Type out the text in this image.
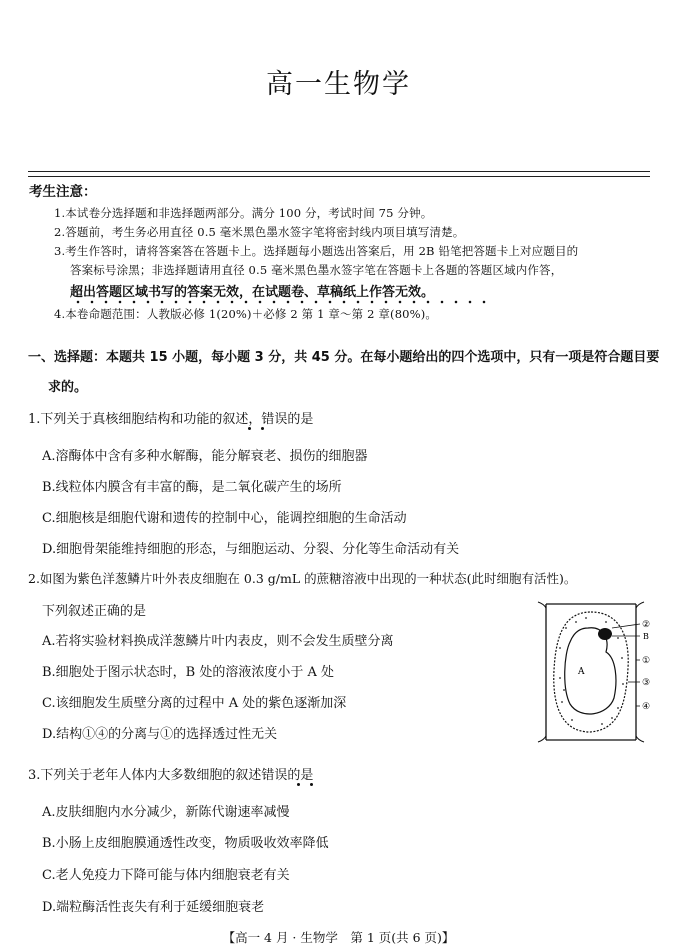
高一生物学
考生注意：
1.本试卷分选择题和非选择题两部分。满分 100 分，考试时间 75 分钟。
2.答题前，考生务必用直径 0.5 毫米黑色墨水签字笔将密封线内项目填写清楚。
3.考生作答时，请将答案答在答题卡上。选择题每小题选出答案后，用 2B 铅笔把答题卡上对应题目的
答案标号涂黑；非选择题请用直径 0.5 毫米黑色墨水签字笔在答题卡上各题的答题区域内作答，
超出答题区域书写的答案无效，在试题卷、草稿纸上作答无效。
4.本卷命题范围：人教版必修 1(20%)＋必修 2 第 1 章～第 2 章(80%)。
一、选择题：本题共 15 小题，每小题 3 分，共 45 分。在每小题给出的四个选项中，只有一项是符合题目要
求的。
1.下列关于真核细胞结构和功能的叙述，错误的是
A.溶酶体中含有多种水解酶，能分解衰老、损伤的细胞器
B.线粒体内膜含有丰富的酶，是二氧化碳产生的场所
C.细胞核是细胞代谢和遗传的控制中心，能调控细胞的生命活动
D.细胞骨架能维持细胞的形态，与细胞运动、分裂、分化等生命活动有关
2.如图为紫色洋葱鳞片叶外表皮细胞在 0.3 g/mL 的蔗糖溶液中出现的一种状态(此时细胞有活性)。
下列叙述正确的是
A.若将实验材料换成洋葱鳞片叶内表皮，则不会发生质壁分离
B.细胞处于图示状态时，B 处的溶液浓度小于 A 处
C.该细胞发生质壁分离的过程中 A 处的紫色逐渐加深
D.结构①④的分离与①的选择透过性无关
A
②
B
①
③
④
3.下列关于老年人体内大多数细胞的叙述错误的是
A.皮肤细胞内水分减少，新陈代谢速率减慢
B.小肠上皮细胞膜通透性改变，物质吸收效率降低
C.老人免疫力下降可能与体内细胞衰老有关
D.端粒酶活性丧失有利于延缓细胞衰老
【高一 4 月 · 生物学　第 1 页(共 6 页)】
